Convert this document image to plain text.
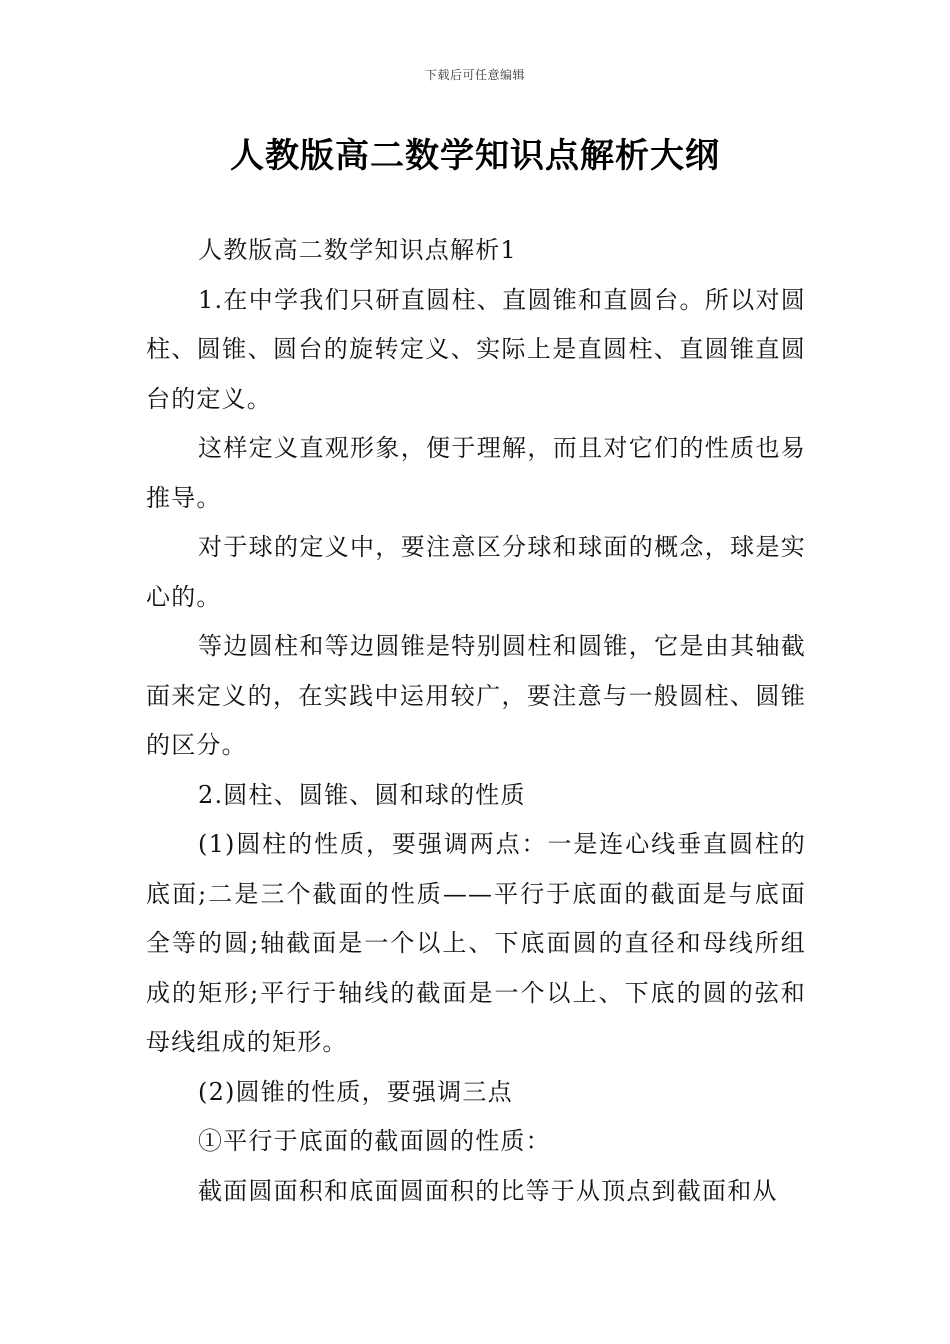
下载后可任意编辑
人教版高二数学知识点解析大纲

人教版高二数学知识点解析1

1.在中学我们只研直圆柱、直圆锥和直圆台。所以对圆柱、圆锥、圆台的旋转定义、实际上是直圆柱、直圆锥直圆台的定义。

这样定义直观形象，便于理解，而且对它们的性质也易推导。

对于球的定义中，要注意区分球和球面的概念，球是实心的。

等边圆柱和等边圆锥是特别圆柱和圆锥，它是由其轴截面来定义的，在实践中运用较广，要注意与一般圆柱、圆锥的区分。

2.圆柱、圆锥、圆和球的性质

(1)圆柱的性质，要强调两点：一是连心线垂直圆柱的底面;二是三个截面的性质——平行于底面的截面是与底面全等的圆;轴截面是一个以上、下底面圆的直径和母线所组成的矩形;平行于轴线的截面是一个以上、下底的圆的弦和母线组成的矩形。

(2)圆锥的性质，要强调三点

①平行于底面的截面圆的性质：

截面圆面积和底面圆面积的比等于从顶点到截面和从
